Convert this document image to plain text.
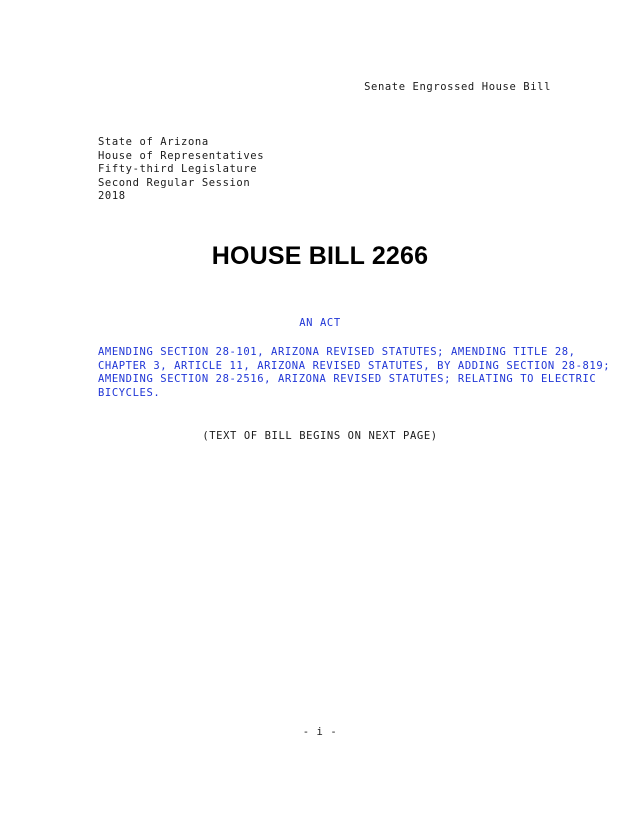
Senate Engrossed House Bill
State of Arizona
House of Representatives
Fifty-third Legislature
Second Regular Session
2018
HOUSE BILL 2266
AN ACT
AMENDING SECTION 28-101, ARIZONA REVISED STATUTES; AMENDING TITLE 28,
CHAPTER 3, ARTICLE 11, ARIZONA REVISED STATUTES, BY ADDING SECTION 28-819;
AMENDING SECTION 28-2516, ARIZONA REVISED STATUTES; RELATING TO ELECTRIC
BICYCLES.
(TEXT OF BILL BEGINS ON NEXT PAGE)
- i -
